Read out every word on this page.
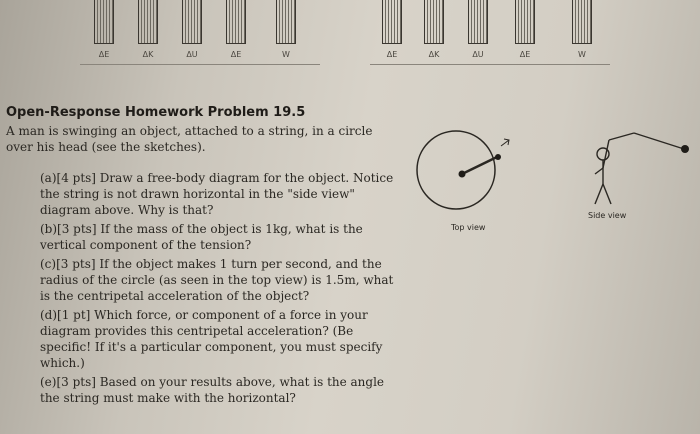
ΔE	ΔK	ΔU	ΔE	W	ΔE	ΔK	ΔU	ΔE	W
Open-Response Homework Problem 19.5
A man is swinging an object, attached to a string, in a circle over his head (see the sketches).
(a)[4 pts] Draw a free-body diagram for the object. Notice the string is not drawn horizontal in the "side view" diagram above. Why is that?
(b)[3 pts] If the mass of the object is 1kg, what is the vertical component of the tension?
(c)[3 pts] If the object makes 1 turn per second, and the radius of the circle (as seen in the top view) is 1.5m, what is the centripetal acceleration of the object?
(d)[1 pt] Which force, or component of a force in your diagram provides this centripetal acceleration? (Be specific! If it's a particular component, you must specify which.)
(e)[3 pts] Based on your results above, what is the angle the string must make with the horizontal?
Top view
Side view
